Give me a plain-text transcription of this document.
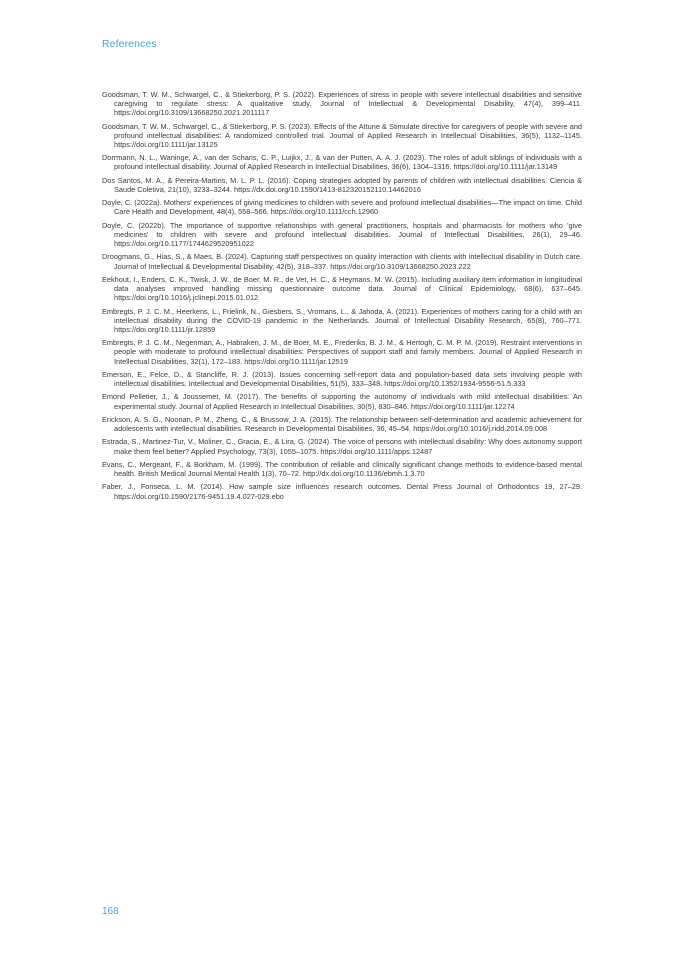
References

Goodsman, T. W. M., Schwargel, C., & Stiekerborg, P. S. (2022). Experiences of stress in people with severe intellectual disabilities and sensitive caregiving to regulate stress: A qualitative study. Journal of Intellectual & Developmental Disability, 47(4), 399–411. https://doi.org/10.3109/13668250.2021.2011117

Goodsman, T. W. M., Schwargel, C., & Stiekerborg, P. S. (2023). Effects of the Attune & Stimulate directive for caregivers of people with severe and profound intellectual disabilities: A randomized controlled trial. Journal of Applied Research in Intellectual Disabilities, 36(5), 1132–1145. https://doi.org/10.1111/jar.13125

Dorrmann, N. L., Waninge, A., van der Schans, C. P., Luijkx, J., & van der Putten, A. A. J. (2023). The roles of adult siblings of individuals with a profound intellectual disability. Journal of Applied Research in Intellectual Disabilities, 36(6), 1304–1316. https://doi.org/10.1111/jar.13149

Dos Santos, M. A., & Pereira-Martins, M. L. P. L. (2016). Coping strategies adopted by parents of children with intellectual disabilities. Ciencia & Saude Coletiva, 21(10), 3233–3244. https://dx.doi.org/10.1590/1413-812320152110.14462016

Doyle, C. (2022a). Mothers' experiences of giving medicines to children with severe and profound intellectual disabilities—The impact on time. Child Care Health and Development, 48(4), 558–566. https://doi.org/10.1111/cch.12960

Doyle, C. (2022b). The importance of supportive relationships with general practitioners, hospitals and pharmacists for mothers who 'give medicines' to children with severe and profound intellectual disabilities. Journal of Intellectual Disabilities, 26(1), 29–46. https://doi.org/10.1177/1744629520951022

Droogmans, G., Hias, S., & Maes, B. (2024). Capturing staff perspectives on quality interaction with clients with intellectual disability in Dutch care. Journal of Intellectual & Developmental Disability, 42(5), 318–337. https://doi.org/10.3109/13668250.2023.222

Eekhout, I., Enders, C. K., Twisk, J. W., de Boer, M. R., de Vet, H. C., & Heymans, M. W. (2015). Including auxiliary item information in longitudinal data analyses improved handling missing questionnaire outcome data. Journal of Clinical Epidemiology, 68(6), 637–645. https://doi.org/10.1016/j.jclinepi.2015.01.012

Embregts, P. J. C. M., Heerkens, L., Frielink, N., Giesbers, S., Vromans, L., & Jahoda, A. (2021). Experiences of mothers caring for a child with an intellectual disability during the COVID-19 pandemic in the Netherlands. Journal of Intellectual Disability Research, 65(8), 760–771. https://doi.org/10.1111/jir.12859

Embregts, P. J. C. M., Negenman, A., Habraken, J. M., de Boer, M. E., Frederiks, B. J. M., & Hertogh, C. M. P. M. (2019). Restraint interventions in people with moderate to profound intellectual disabilities: Perspectives of support staff and family members. Journal of Applied Research in Intellectual Disabilities, 32(1), 172–183. https://doi.org/10.1111/jar.12519

Emerson, E., Felce, D., & Stancliffe, R. J. (2013). Issues concerning self-report data and population-based data sets involving people with intellectual disabilities. Intellectual and Developmental Disabilities, 51(5), 333–348. https://doi.org/10.1352/1934-9556-51.5.333

Emond Pelletier, J., & Joussemet, M. (2017). The benefits of supporting the autonomy of individuals with mild intellectual disabilities: An experimental study. Journal of Applied Research in Intellectual Disabilities, 30(5), 830–846. https://doi.org/10.1111/jar.12274

Erickson, A. S. G., Noonan, P. M., Zheng, C., & Brussow, J. A. (2015). The relationship between self-determination and academic achievement for adolescents with intellectual disabilities. Research in Developmental Disabilities, 36, 45–54. https://doi.org/10.1016/j.ridd.2014.09.008

Estrada, S., Martinez-Tur, V., Moliner, C., Gracia, E., & Lira, G. (2024). The voice of persons with intellectual disability: Why does autonomy support make them feel better? Applied Psychology, 73(3), 1055–1075. https://doi.org/10.1111/apps.12487

Evans, C., Mergeant, F., & Borkham, M. (1999). The contribution of reliable and clinically significant change methods to evidence-based mental health. British Medical Journal Mental Health 1(3), 70–72. http://dx.doi.org/10.1136/ebmh.1.3.70

Faber, J., Fonseca, L. M. (2014). How sample size influences research outcomes. Dental Press Journal of Orthodontics 19, 27–29. https://doi.org/10.1590/2176-9451.19.4.027-029.ebo

168
